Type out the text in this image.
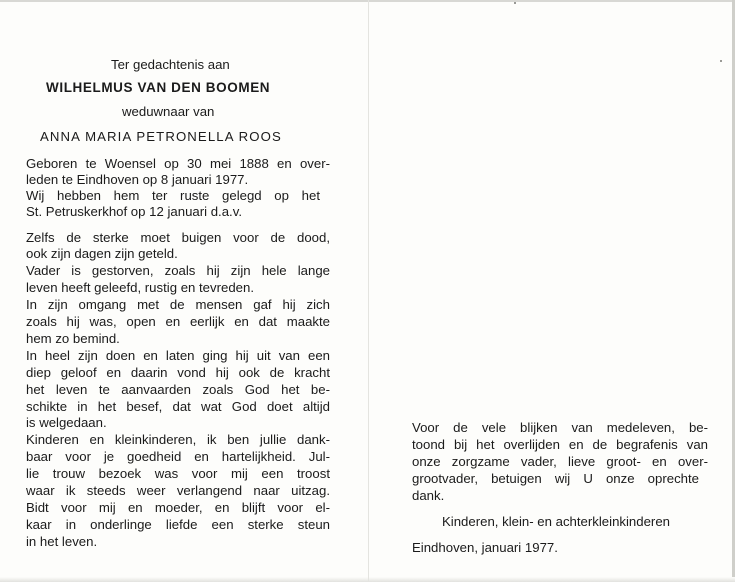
Ter gedachtenis aan
WILHELMUS VAN DEN BOOMEN
weduwnaar van
ANNA MARIA PETRONELLA ROOS
Geboren te Woensel op 30 mei 1888 en over-
leden te Eindhoven op 8 januari 1977.
Wij hebben hem ter ruste gelegd op het
St. Petruskerkhof op 12 januari d.a.v.
Zelfs de sterke moet buigen voor de dood,
ook zijn dagen zijn geteld.
Vader is gestorven, zoals hij zijn hele lange
leven heeft geleefd, rustig en tevreden.
In zijn omgang met de mensen gaf hij zich
zoals hij was, open en eerlijk en dat maakte
hem zo bemind.
In heel zijn doen en laten ging hij uit van een
diep geloof en daarin vond hij ook de kracht
het leven te aanvaarden zoals God het be-
schikte in het besef, dat wat God doet altijd
is welgedaan.
Kinderen en kleinkinderen, ik ben jullie dank-
baar voor je goedheid en hartelijkheid. Jul-
lie trouw bezoek was voor mij een troost
waar ik steeds weer verlangend naar uitzag.
Bidt voor mij en moeder, en blijft voor el-
kaar in onderlinge liefde een sterke steun
in het leven.
Voor de vele blijken van medeleven, be-
toond bij het overlijden en de begrafenis van
onze zorgzame vader, lieve groot- en over-
grootvader, betuigen wij U onze oprechte
dank.
Kinderen, klein- en achterkleinkinderen
Eindhoven, januari 1977.
